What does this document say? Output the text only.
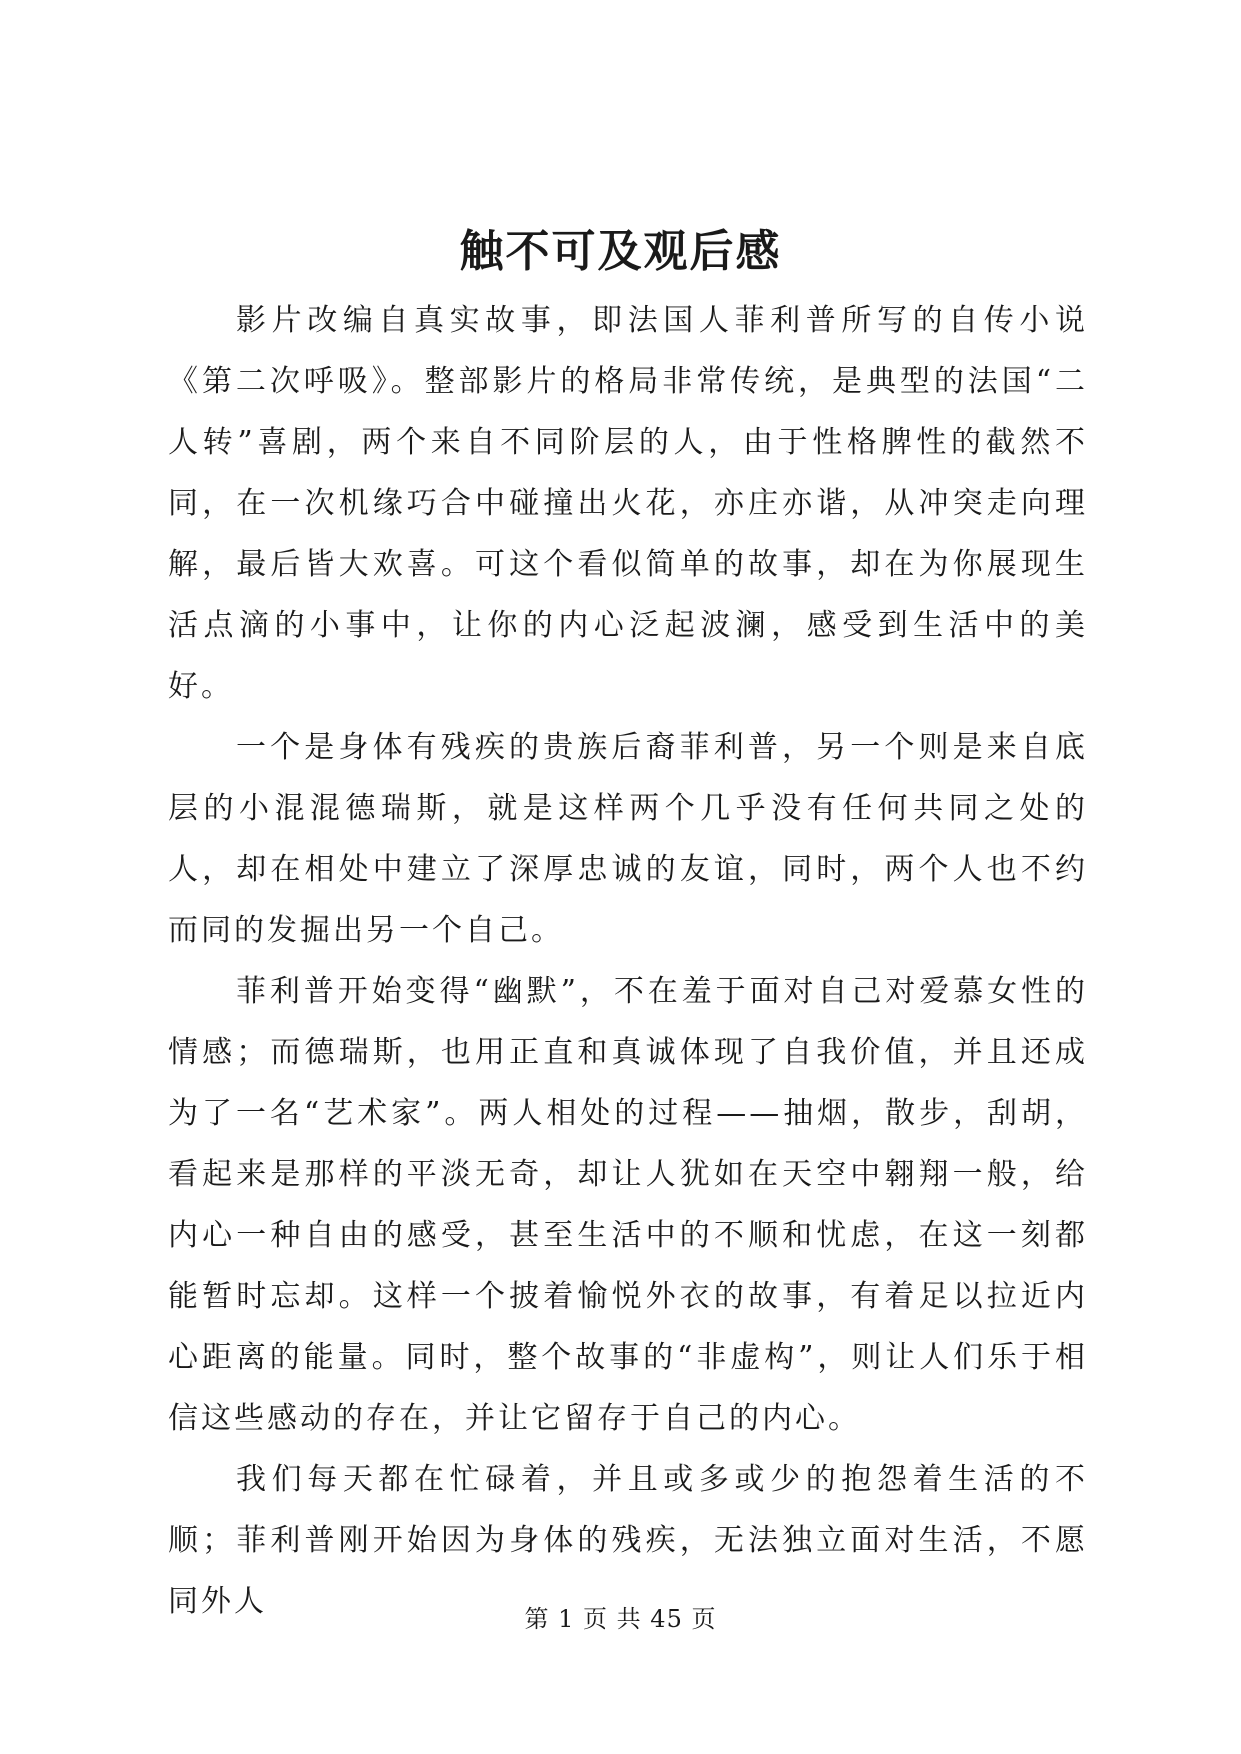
触不可及观后感

影片改编自真实故事，即法国人菲利普所写的自传小说《第二次呼吸》。整部影片的格局非常传统，是典型的法国“二人转”喜剧，两个来自不同阶层的人，由于性格脾性的截然不同，在一次机缘巧合中碰撞出火花，亦庄亦谐，从冲突走向理解，最后皆大欢喜。可这个看似简单的故事，却在为你展现生活点滴的小事中，让你的内心泛起波澜，感受到生活中的美好。

一个是身体有残疾的贵族后裔菲利普，另一个则是来自底层的小混混德瑞斯，就是这样两个几乎没有任何共同之处的人，却在相处中建立了深厚忠诚的友谊，同时，两个人也不约而同的发掘出另一个自己。

菲利普开始变得“幽默”，不在羞于面对自己对爱慕女性的情感；而德瑞斯，也用正直和真诚体现了自我价值，并且还成为了一名“艺术家”。两人相处的过程——抽烟，散步，刮胡，看起来是那样的平淡无奇，却让人犹如在天空中翱翔一般，给内心一种自由的感受，甚至生活中的不顺和忧虑，在这一刻都能暂时忘却。这样一个披着愉悦外衣的故事，有着足以拉近内心距离的能量。同时，整个故事的“非虚构”，则让人们乐于相信这些感动的存在，并让它留存于自己的内心。

我们每天都在忙碌着，并且或多或少的抱怨着生活的不顺；菲利普刚开始因为身体的残疾，无法独立面对生活，不愿同外人	第 1 页 共 45 页
